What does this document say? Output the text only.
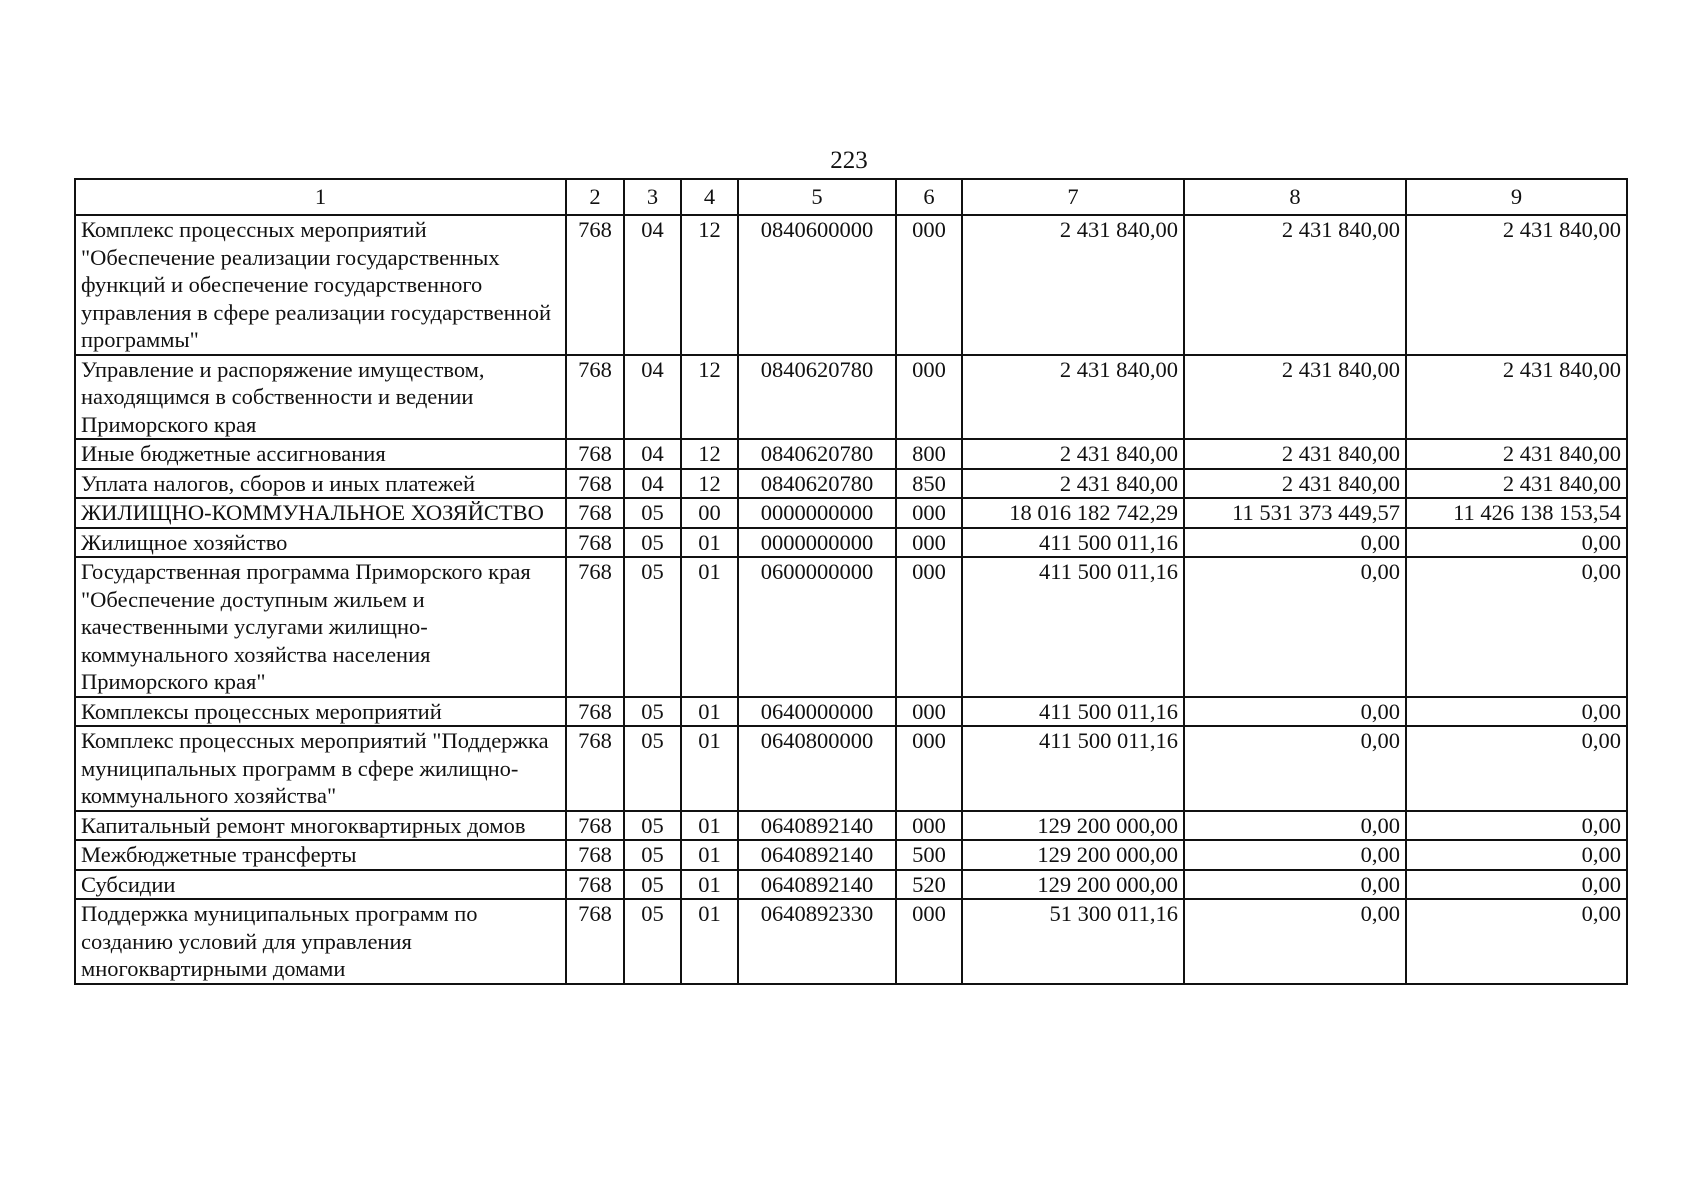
223
1	2	3	4	5	6	7	8	9
Комплекс процессных мероприятий "Обеспечение реализации государственных функций и обеспечение государственного управления в сфере реализации государственной программы"	768	04	12	0840600000	000	2 431 840,00	2 431 840,00	2 431 840,00
Управление и распоряжение имуществом, находящимся в собственности и ведении Приморского края	768	04	12	0840620780	000	2 431 840,00	2 431 840,00	2 431 840,00
Иные бюджетные ассигнования	768	04	12	0840620780	800	2 431 840,00	2 431 840,00	2 431 840,00
Уплата налогов, сборов и иных платежей	768	04	12	0840620780	850	2 431 840,00	2 431 840,00	2 431 840,00
ЖИЛИЩНО-КОММУНАЛЬНОЕ ХОЗЯЙСТВО	768	05	00	0000000000	000	18 016 182 742,29	11 531 373 449,57	11 426 138 153,54
Жилищное хозяйство	768	05	01	0000000000	000	411 500 011,16	0,00	0,00
Государственная программа Приморского края "Обеспечение доступным жильем и качественными услугами жилищно-коммунального хозяйства населения Приморского края"	768	05	01	0600000000	000	411 500 011,16	0,00	0,00
Комплексы процессных мероприятий	768	05	01	0640000000	000	411 500 011,16	0,00	0,00
Комплекс процессных мероприятий "Поддержка муниципальных программ в сфере жилищно-коммунального хозяйства"	768	05	01	0640800000	000	411 500 011,16	0,00	0,00
Капитальный ремонт многоквартирных домов	768	05	01	0640892140	000	129 200 000,00	0,00	0,00
Межбюджетные трансферты	768	05	01	0640892140	500	129 200 000,00	0,00	0,00
Субсидии	768	05	01	0640892140	520	129 200 000,00	0,00	0,00
Поддержка муниципальных программ по созданию условий для управления многоквартирными домами	768	05	01	0640892330	000	51 300 011,16	0,00	0,00
